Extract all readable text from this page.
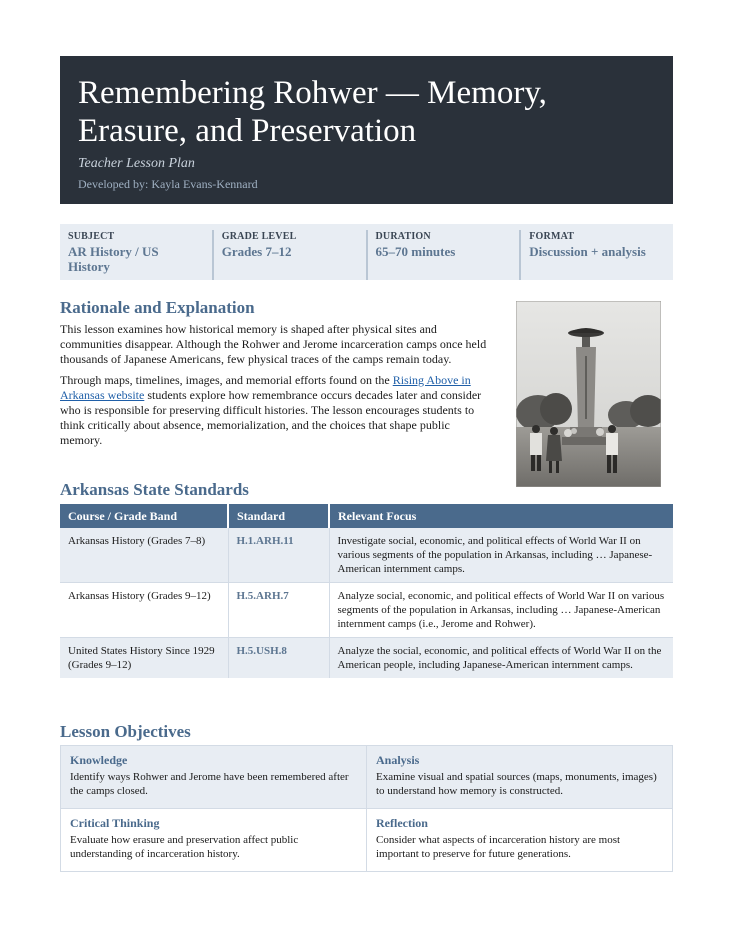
Remembering Rohwer — Memory, Erasure, and Preservation
Teacher Lesson Plan
Developed by: Kayla Evans-Kennard
SUBJECT
AR History / US History
GRADE LEVEL
Grades 7–12
DURATION
65–70 minutes
FORMAT
Discussion + analysis
Rationale and Explanation

This lesson examines how historical memory is shaped after physical sites and communities disappear. Although the Rohwer and Jerome incarceration camps once held thousands of Japanese Americans, few physical traces of the camps remain today.

Through maps, timelines, images, and memorial efforts found on the Rising Above in Arkansas website students explore how remembrance occurs decades later and consider who is responsible for preserving difficult histories. The lesson encourages students to think critically about absence, memorialization, and the choices that shape public memory.

Arkansas State Standards
Course / Grade Band	Standard	Relevant Focus
Arkansas History (Grades 7–8)	H.1.ARH.11	Investigate social, economic, and political effects of World War II on various segments of the population in Arkansas, including … Japanese-American internment camps.
Arkansas History (Grades 9–12)	H.5.ARH.7	Analyze social, economic, and political effects of World War II on various segments of the population in Arkansas, including … Japanese-American internment camps (i.e., Jerome and Rohwer).
United States History Since 1929 (Grades 9–12)	H.5.USH.8	Analyze the social, economic, and political effects of World War II on the American people, including Japanese-American internment camps.
Lesson Objectives
Knowledge
Identify ways Rohwer and Jerome have been remembered after the camps closed.
Analysis
Examine visual and spatial sources (maps, monuments, images) to understand how memory is constructed.
Critical Thinking
Evaluate how erasure and preservation affect public understanding of incarceration history.
Reflection
Consider what aspects of incarceration history are most important to preserve for future generations.
